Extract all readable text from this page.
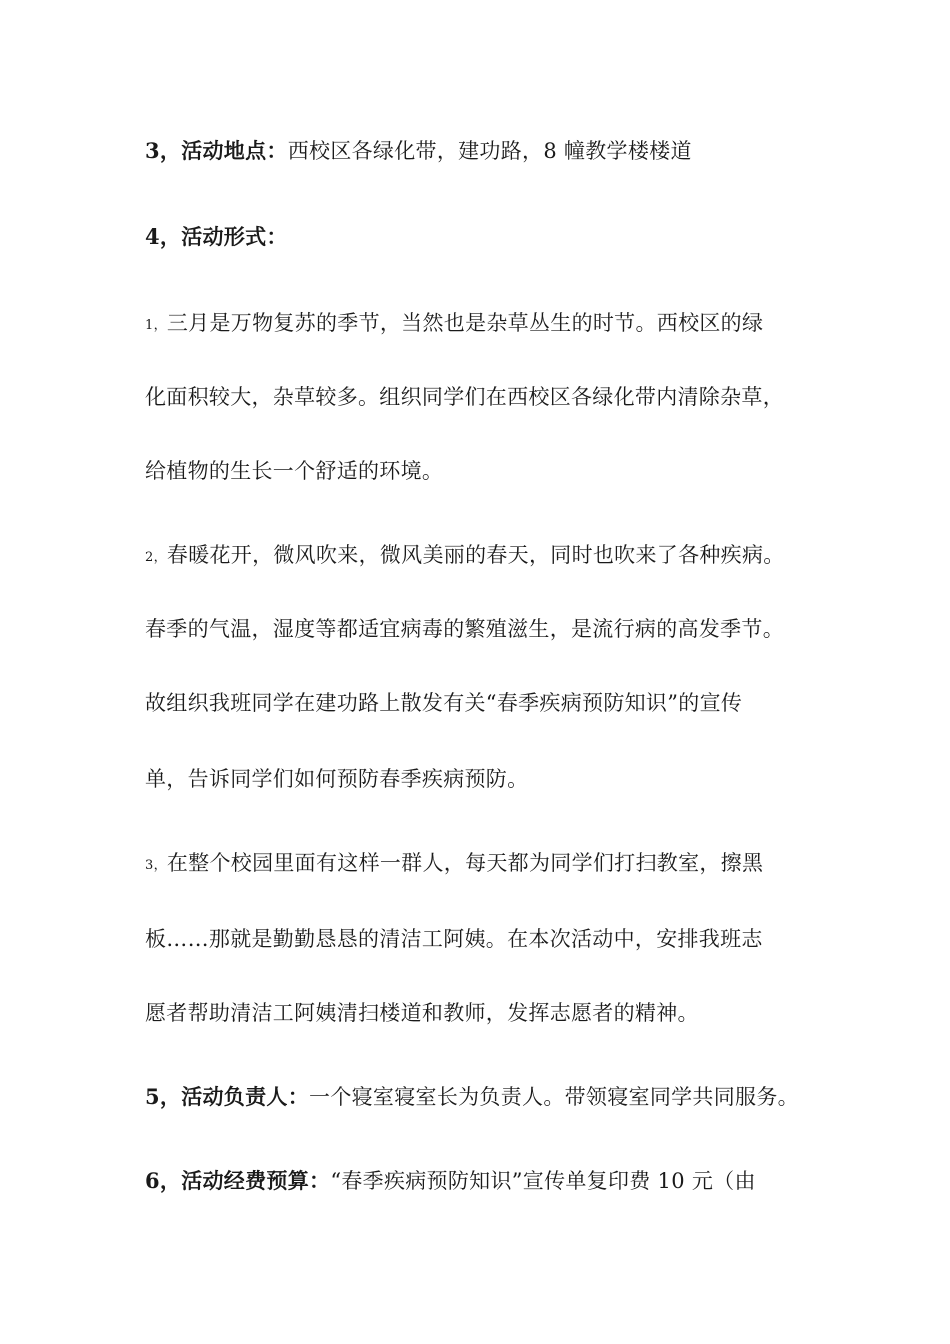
3，活动地点：西校区各绿化带，建功路，8 幢教学楼楼道
4，活动形式：
1，三月是万物复苏的季节，当然也是杂草丛生的时节。西校区的绿
化面积较大，杂草较多。组织同学们在西校区各绿化带内清除杂草，
给植物的生长一个舒适的环境。
2，春暖花开，微风吹来，微风美丽的春天，同时也吹来了各种疾病。
春季的气温，湿度等都适宜病毒的繁殖滋生，是流行病的高发季节。
故组织我班同学在建功路上散发有关“春季疾病预防知识”的宣传
单，告诉同学们如何预防春季疾病预防。
3，在整个校园里面有这样一群人，每天都为同学们打扫教室，擦黑
板……那就是勤勤恳恳的清洁工阿姨。在本次活动中，安排我班志
愿者帮助清洁工阿姨清扫楼道和教师，发挥志愿者的精神。
5，活动负责人：一个寝室寝室长为负责人。带领寝室同学共同服务。
6，活动经费预算：“春季疾病预防知识”宣传单复印费 10 元（由
